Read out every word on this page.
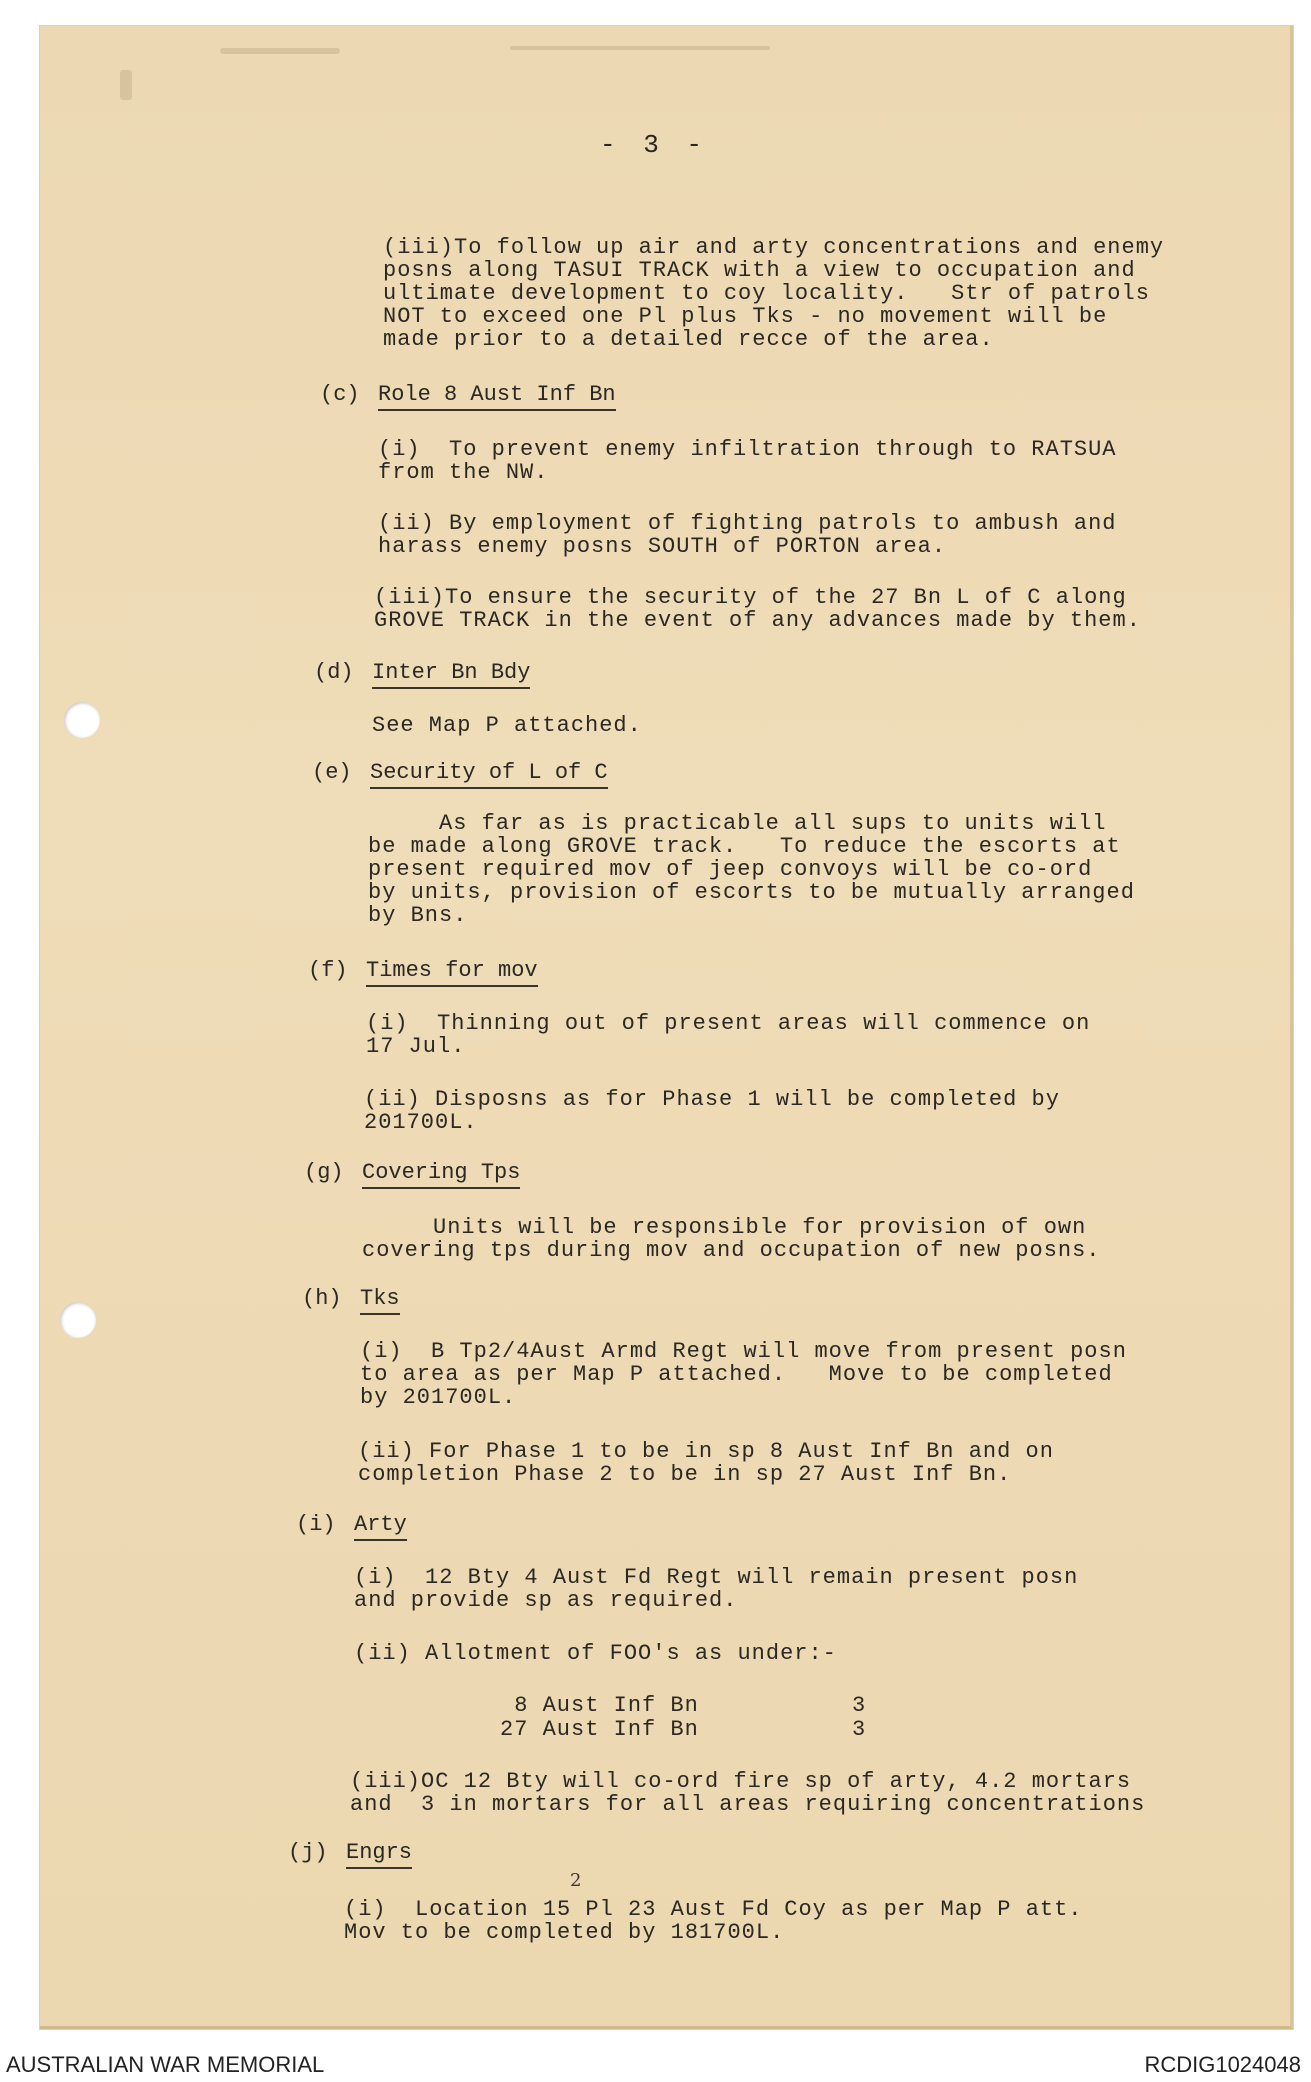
- 3 -
(iii)To follow up air and arty concentrations and enemy
posns along TASUI TRACK with a view to occupation and
ultimate development to coy locality.   Str of patrols
NOT to exceed one Pl plus Tks - no movement will be
made prior to a detailed recce of the area.
(c) Role 8 Aust Inf Bn
(i)  To prevent enemy infiltration through to RATSUA
from the NW.
(ii) By employment of fighting patrols to ambush and
harass enemy posns SOUTH of PORTON area.
(iii)To ensure the security of the 27 Bn L of C along
GROVE TRACK in the event of any advances made by them.
(d) Inter Bn Bdy
See Map P attached.
(e) Security of L of C
As far as is practicable all sups to units will
be made along GROVE track.   To reduce the escorts at
present required mov of jeep convoys will be co-ord
by units, provision of escorts to be mutually arranged
by Bns.
(f) Times for mov
(i)  Thinning out of present areas will commence on
17 Jul.
(ii) Disposns as for Phase 1 will be completed by
201700L.
(g) Covering Tps
Units will be responsible for provision of own
covering tps during mov and occupation of new posns.
(h) Tks
(i)  B Tp2/4Aust Armd Regt will move from present posn
to area as per Map P attached.   Move to be completed
by 201700L.
(ii) For Phase 1 to be in sp 8 Aust Inf Bn and on
completion Phase 2 to be in sp 27 Aust Inf Bn.
(i) Arty
(i)  12 Bty 4 Aust Fd Regt will remain present posn
and provide sp as required.
(ii) Allotment of FOO's as under:-
8 Aust Inf Bn	3
27 Aust Inf Bn	3
(iii)OC 12 Bty will co-ord fire sp of arty, 4.2 mortars
and  3 in mortars for all areas requiring concentrations
(j) Engrs
2
(i)  Location 15 Pl 23 Aust Fd Coy as per Map P att.
Mov to be completed by 181700L.
AUSTRALIAN WAR MEMORIAL	RCDIG1024048
